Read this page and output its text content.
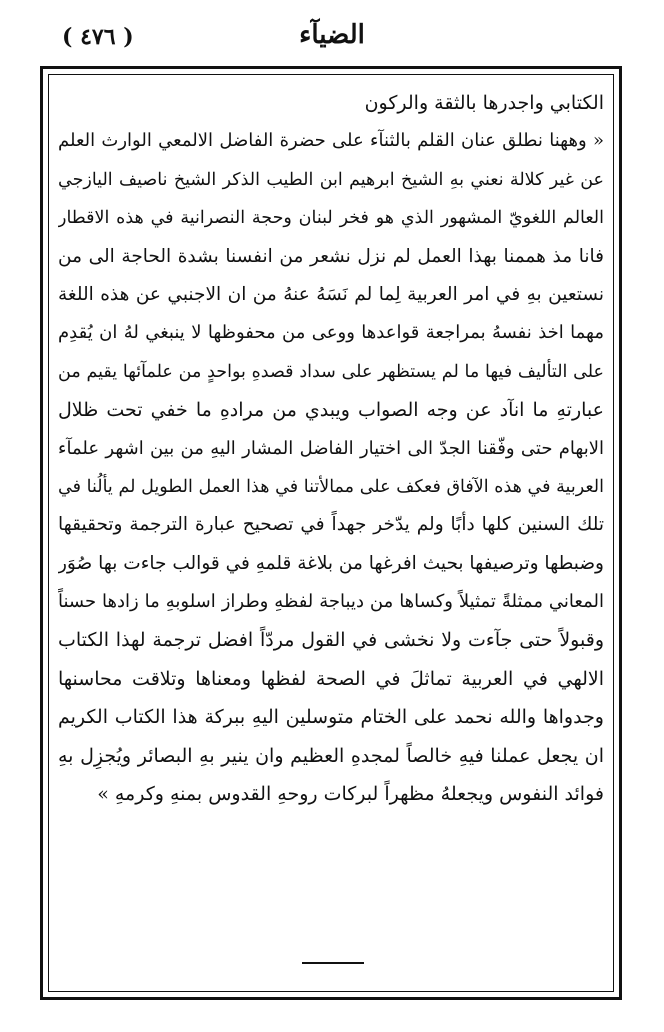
( ٤٧٦ )	الضيآء
الكتابي واجدرها بالثقة والركون
« وههنا نطلق عنان القلم بالثنآء على حضرة الفاضل الالمعي الوارث العلم
عن غير كلالة نعني بهِ الشيخ ابرهيم ابن الطيب الذكر الشيخ ناصيف اليازجي
العالم اللغويّ المشهور الذي هو فخر لبنان وحجة النصرانية في هذه الاقطار
فانا مذ هممنا بهذا العمل لم نزل نشعر من انفسنا بشدة الحاجة الى من
نستعين بهِ في امر العربية لِما لم نَسَهُ عنهُ من ان الاجنبي عن هذه اللغة
مهما اخذ نفسهُ بمراجعة قواعدها ووعى من محفوظها لا ينبغي لهُ ان يُقدِم
على التأليف فيها ما لم يستظهر على سداد قصدهِ بواحدٍ من علمآئها يقيم من
عبارتهِ ما انآد عن وجه الصواب ويبدي من مرادهِ ما خفي تحت ظلال
الابهام حتى وفّقنا الجدّ الى اختيار الفاضل المشار اليهِ من بين اشهر علمآء
العربية في هذه الآفاق فعكف على ممالأتنا في هذا العمل الطويل لم يألُنا في
تلك السنين كلها دأبًا ولم يدّخر جهداً في تصحيح عبارة الترجمة وتحقيقها
وضبطها وترصيفها بحيث افرغها من بلاغة قلمهِ في قوالب جاءت بها صُوَر
المعاني ممثلةً تمثيلاً وكساها من ديباجة لفظهِ وطراز اسلوبهِ ما زادها حسناً
وقبولاً حتى جآءت ولا نخشى في القول مردّاً افضل ترجمة لهذا الكتاب
الالهي في العربية تماثلَ في الصحة لفظها ومعناها وتلاقت محاسنها
وجدواها والله نحمد على الختام متوسلين اليهِ ببركة هذا الكتاب الكريم
ان يجعل عملنا فيهِ خالصاً لمجدهِ العظيم وان ينير بهِ البصائر ويُجزِل بهِ
فوائد النفوس ويجعلهُ مظهراً لبركات روحهِ القدوس بمنهِ وكرمهِ »
